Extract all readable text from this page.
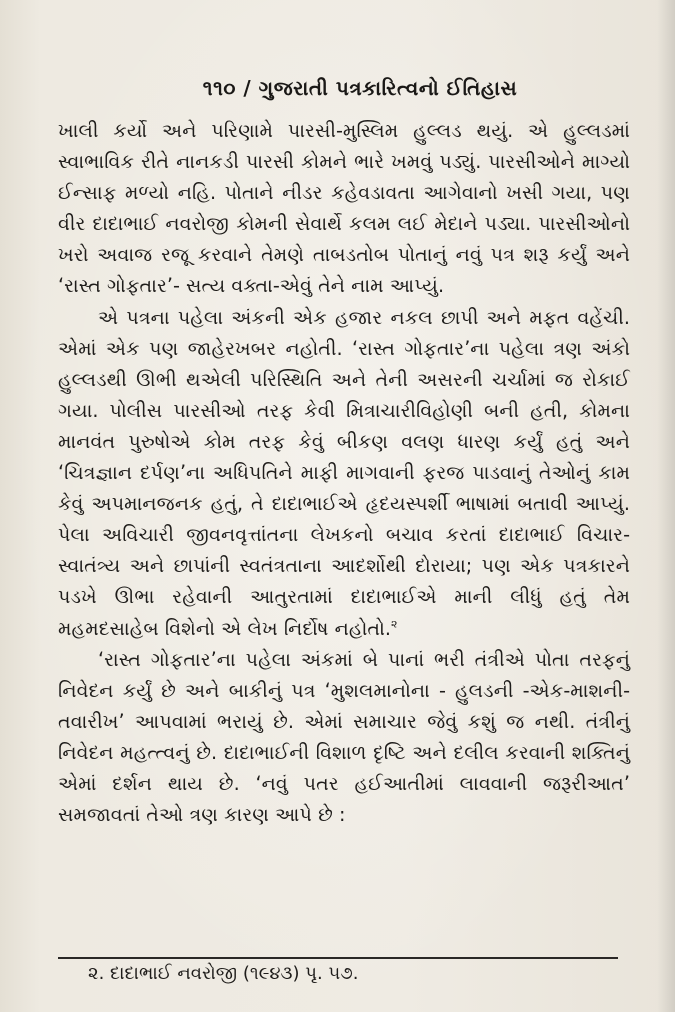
૧૧૦ / ગુજરાતી પત્રકારિત્વનો ઈતિહાસ

ખાલી કર્યો અને પરિણામે પારસી-મુસ્લિમ હુલ્લડ થયું. એ હુલ્લડમાં સ્વાભાવિક રીતે નાનકડી પારસી કોમને ભારે ખમવું પડ્યું. પારસીઓને માગ્યો ઈન્સાફ મળ્યો નહિ. પોતાને નીડર કહેવડાવતા આગેવાનો ખસી ગયા, પણ વીર દાદાભાઈ નવરોજી કોમની સેવાર્થે કલમ લઈ મેદાને પડ્યા. પારસીઓનો ખરો અવાજ રજૂ કરવાને તેમણે તાબડતોબ પોતાનું નવું પત્ર શરૂ કર્યું અને ‘રાસ્ત ગોફતાર’- સત્ય વક્તા-એવું તેને નામ આપ્યું.

એ પત્રના પહેલા અંકની એક હજાર નકલ છાપી અને મફત વહેંચી. એમાં એક પણ જાહેરખબર નહોતી. ‘રાસ્ત ગોફતાર’ના પહેલા ત્રણ અંકો હુલ્લડથી ઊભી થએલી પરિસ્થિતિ અને તેની અસરની ચર્ચામાં જ રોકાઈ ગયા. પોલીસ પારસીઓ તરફ કેવી મિત્રાચારીવિહોણી બની હતી, કોમના માનવંત પુરુષોએ કોમ તરફ કેવું બીકણ વલણ ધારણ કર્યું હતું અને ‘ચિત્રજ્ઞાન દર્પણ’ના અધિપતિને માફી માગવાની ફરજ પાડવાનું તેઓનું કામ કેવું અપમાનજનક હતું, તે દાદાભાઈએ હૃદયસ્પર્શી ભાષામાં બતાવી આપ્યું. પેલા અવિચારી જીવનવૃત્તાંતના લેખકનો બચાવ કરતાં દાદાભાઈ વિચાર-સ્વાતંત્ર્ય અને છાપાંની સ્વતંત્રતાના આદર્શોથી દોરાયા; પણ એક પત્રકારને પડખે ઊભા રહેવાની આતુરતામાં દાદાભાઈએ માની લીધું હતું તેમ મહમદસાહેબ વિશેનો એ લેખ નિર્દોષ નહોતો.$^૨$

‘રાસ્ત ગોફતાર’ના પહેલા અંકમાં બે પાનાં ભરી તંત્રીએ પોતા તરફનું નિવેદન કર્યું છે અને બાકીનું પત્ર ‘મુશલમાનોના - હુલડની -એક-માશની-તવારીખ’ આપવામાં ભરાયું છે. એમાં સમાચાર જેવું કશું જ નથી. તંત્રીનું નિવેદન મહત્ત્વનું છે. દાદાભાઈની વિશાળ દૃષ્ટિ અને દલીલ કરવાની શક્તિનું એમાં દર્શન થાય છે. ‘નવું પતર હઈઆતીમાં લાવવાની જરૂરીઆત’ સમજાવતાં તેઓ ત્રણ કારણ આપે છે :

૨. દાદાભાઈ નવરોજી (૧૯૪૩) પૃ. ૫૭.
